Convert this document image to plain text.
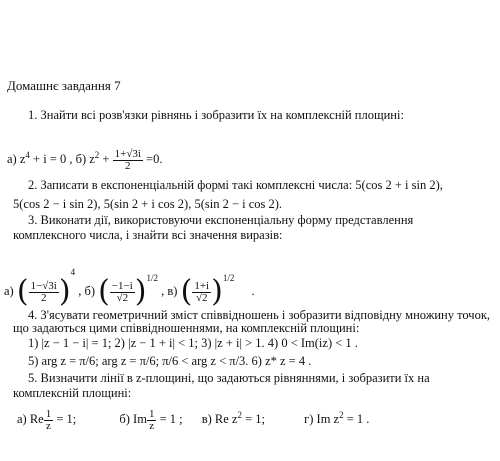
Домашнє завдання 7
1. Знайти всі розв'язки рівнянь і зобразити їх на комплексній площині:
а) $z^4 + i = 0$ , б) $z^2 + \frac{1+√3i}{2} =0$.
2. Записати в експоненціальній формі такі комплексні числа: 5(cos 2 + i sin 2),
5(cos 2 − i sin 2), 5(sin 2 + i cos 2), 5(sin 2 − i cos 2).
3. Виконати дії, використовуючи експоненціальну форму представлення
комплексного числа, і знайти всі значення виразів:
а) ( $\frac{1-√3i}{2} )^4$ , б) ( $\frac{-1-i}{√2} )^{1/2}$ , в) ( $\frac{1+i}{√2} )^{1/2}$ .
4. З'ясувати геометричний зміст співвідношень і зобразити відповідну множину точок,
що задаються цими співвідношеннями, на комплексній площині:
1) |z − 1 − i| = 1; 2) |z − 1 + i| < 1; 3) |z + i| > 1. 4) 0 < Im(iz) < 1 .
5) arg z = π/6; arg z = π/6; π/6 < arg z < π/3. 6) z* z = 4 .
5. Визначити лінії в z-площині, що задаються рівняннями, і зобразити їх на
комплексній площині:
а) Re $\frac{1}{z} = 1$;	б) Im $\frac{1}{z} = 1$ ; в) Re $z^2 = 1$;	г) Im $z^2 = 1$ .
